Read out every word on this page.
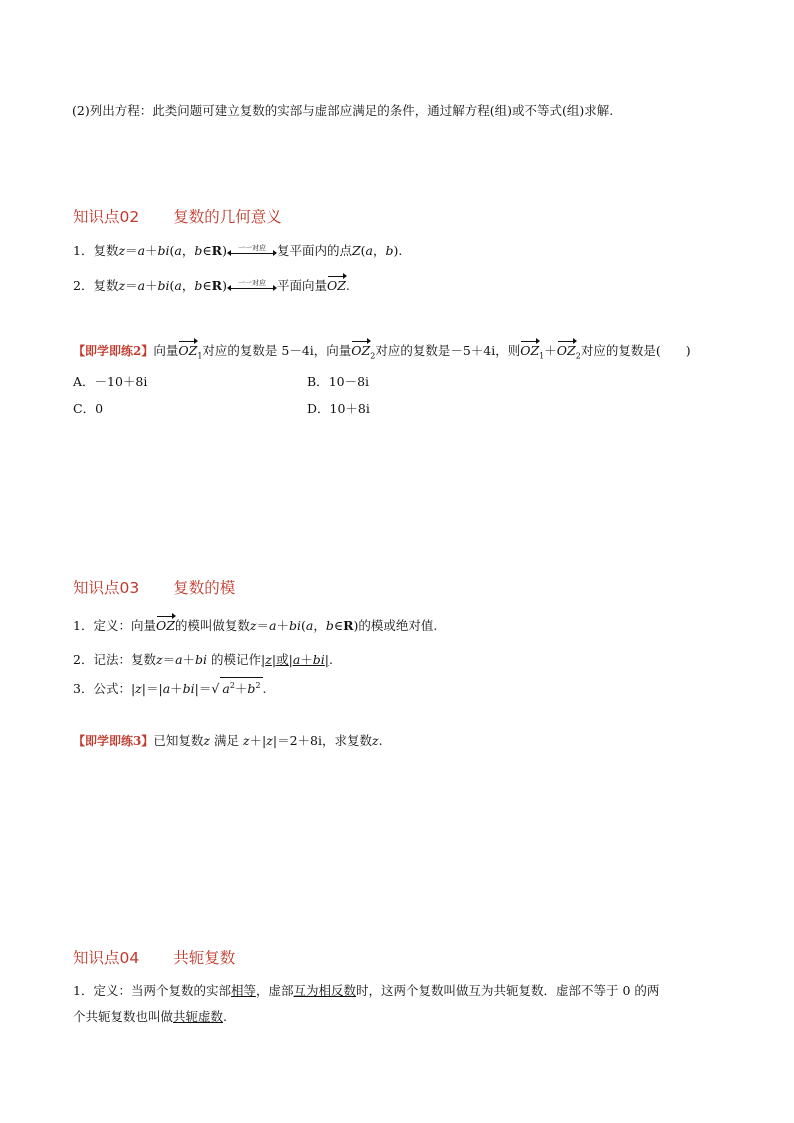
(2)列出方程：此类问题可建立复数的实部与虚部应满足的条件，通过解方程(组)或不等式(组)求解.
知识点02 复数的几何意义
1．复数z＝a＋bi(a，b∈R)	一一对应 复平面内的点Z(a，b).
2．复数z＝a＋bi(a，b∈R)	一一对应 平面向量OZ.
【即学即练2】向量$OZ_1$对应的复数是 5－4i，向量$OZ_2$对应的复数是－5＋4i，则$OZ_1+OZ_2$对应的复数是(　　)
A．－10＋8i	B．10－8i
C．0	D．10＋8i
知识点03 复数的模
1．定义：向量OZ的模叫做复数z＝a＋bi(a，b∈R)的模或绝对值.
2．记法：复数z＝a＋bi 的模记作|z|或|a＋bi|.
3．公式：|z|＝|a＋bi|＝√ $a^2+b^2$ .
【即学即练3】已知复数z 满足 z＋|z|＝2＋8i，求复数z.
知识点04 共轭复数
1．定义：当两个复数的实部相等，虚部互为相反数时，这两个复数叫做互为共轭复数．虚部不等于 0 的两
个共轭复数也叫做共轭虚数.
